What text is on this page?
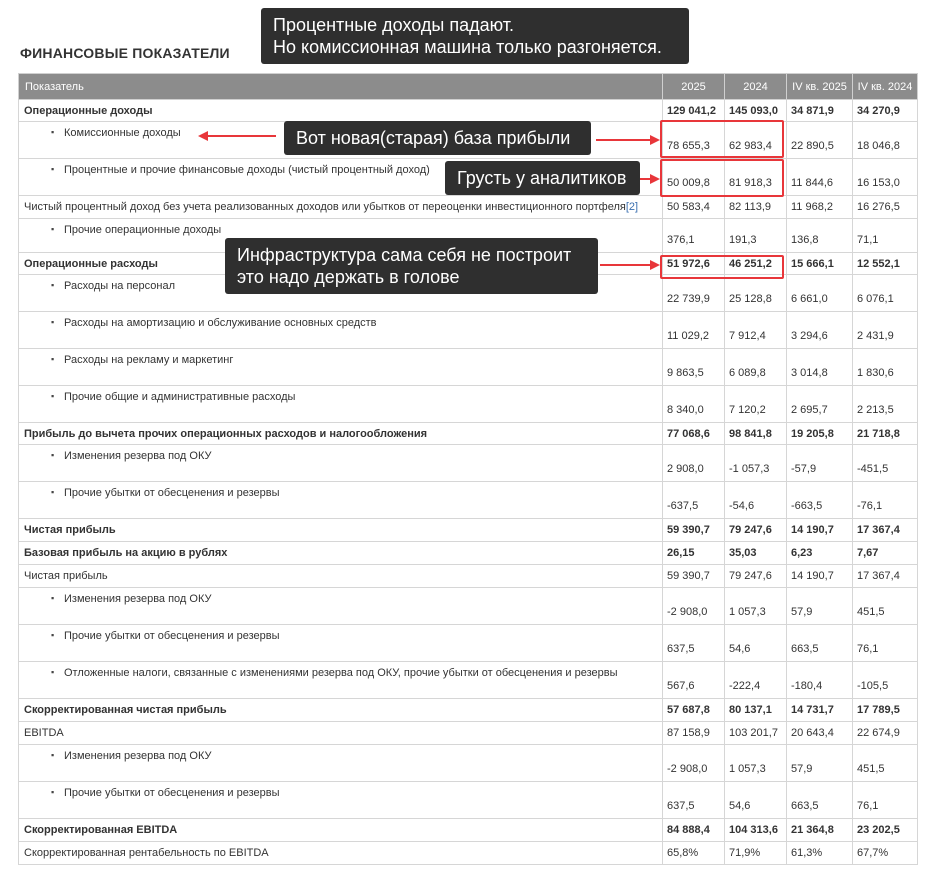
ФИНАНСОВЫЕ ПОКАЗАТЕЛИ
Показатель	2025	2024	IV кв. 2025	IV кв. 2024
Операционные доходы	129 041,2	145 093,0	34 871,9	34 270,9
▪ Комиссионные доходы	78 655,3	62 983,4	22 890,5	18 046,8
▪ Процентные и прочие финансовые доходы (чистый процентный доход)	50 009,8	81 918,3	11 844,6	16 153,0
Чистый процентный доход без учета реализованных доходов или убытков от переоценки инвестиционного портфеля[2]	50 583,4	82 113,9	11 968,2	16 276,5
▪ Прочие операционные доходы	376,1	191,3	136,8	71,1
Операционные расходы	51 972,6	46 251,2	15 666,1	12 552,1
▪ Расходы на персонал	22 739,9	25 128,8	6 661,0	6 076,1
▪ Расходы на амортизацию и обслуживание основных средств	11 029,2	7 912,4	3 294,6	2 431,9
▪ Расходы на рекламу и маркетинг	9 863,5	6 089,8	3 014,8	1 830,6
▪ Прочие общие и административные расходы	8 340,0	7 120,2	2 695,7	2 213,5
Прибыль до вычета прочих операционных расходов и налогообложения	77 068,6	98 841,8	19 205,8	21 718,8
▪ Изменения резерва под ОКУ	2 908,0	-1 057,3	-57,9	-451,5
▪ Прочие убытки от обесценения и резервы	-637,5	-54,6	-663,5	-76,1
Чистая прибыль	59 390,7	79 247,6	14 190,7	17 367,4
Базовая прибыль на акцию в рублях	26,15	35,03	6,23	7,67
Чистая прибыль	59 390,7	79 247,6	14 190,7	17 367,4
▪ Изменения резерва под ОКУ	-2 908,0	1 057,3	57,9	451,5
▪ Прочие убытки от обесценения и резервы	637,5	54,6	663,5	76,1
▪ Отложенные налоги, связанные с изменениями резерва под ОКУ, прочие убытки от обесценения и резервы	567,6	-222,4	-180,4	-105,5
Скорректированная чистая прибыль	57 687,8	80 137,1	14 731,7	17 789,5
EBITDA	87 158,9	103 201,7	20 643,4	22 674,9
▪ Изменения резерва под ОКУ	-2 908,0	1 057,3	57,9	451,5
▪ Прочие убытки от обесценения и резервы	637,5	54,6	663,5	76,1
Скорректированная EBITDA	84 888,4	104 313,6	21 364,8	23 202,5
Скорректированная рентабельность по EBITDA	65,8%	71,9%	61,3%	67,7%
Процентные доходы падают.
Но комиссионная машина только разгоняется.
Вот новая(старая) база прибыли
Грусть у аналитиков
Инфраструктура сама себя не построит
это надо держать в голове
